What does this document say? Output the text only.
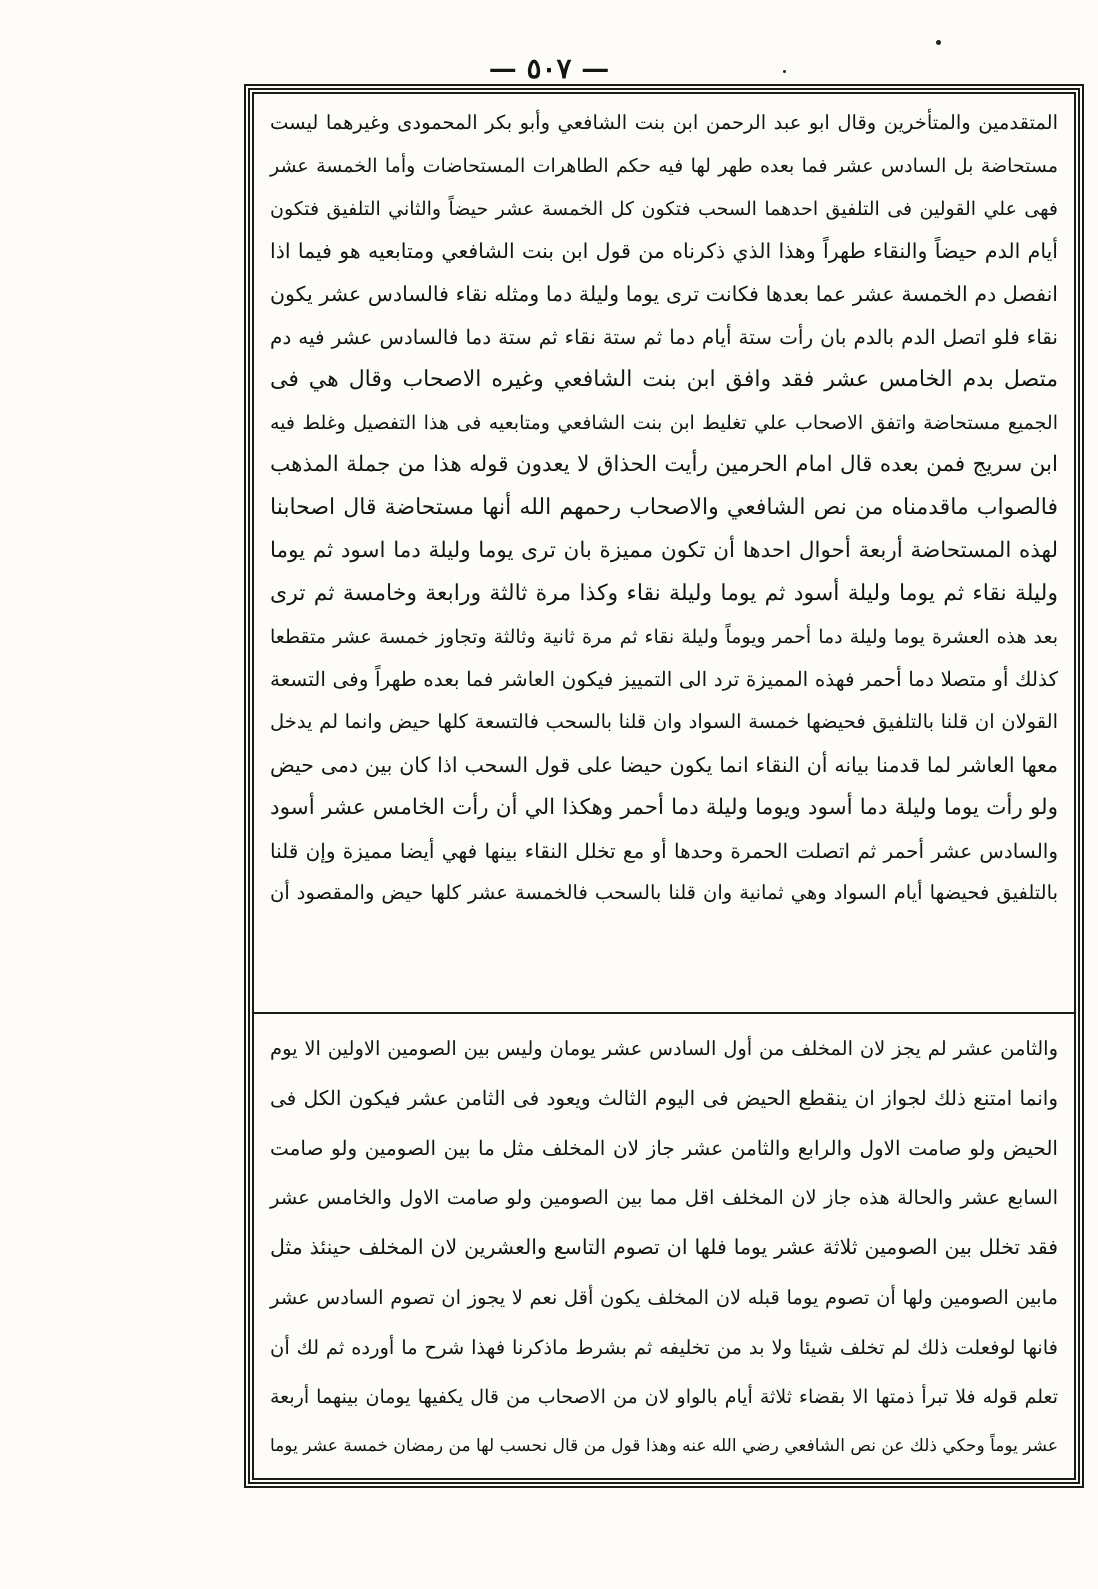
— ٥٠٧ —
المتقدمين والمتأخرين وقال ابو عبد الرحمن ابن بنت الشافعي وأبو بكر المحمودى وغيرهما ليست
مستحاضة بل السادس عشر فما بعده طهر لها فيه حكم الطاهرات المستحاضات وأما الخمسة عشر
فهى علي القولين فى التلفيق احدهما السحب فتكون كل الخمسة عشر حيضاً والثاني التلفيق فتكون
أيام الدم حيضاً والنقاء طهراً وهذا الذي ذكرناه من قول ابن بنت الشافعي ومتابعيه هو فيما اذا
انفصل دم الخمسة عشر عما بعدها فكانت ترى يوما وليلة دما ومثله نقاء فالسادس عشر يكون
نقاء فلو اتصل الدم بالدم بان رأت ستة أيام دما ثم ستة نقاء ثم ستة دما فالسادس عشر فيه دم
متصل بدم الخامس عشر فقد وافق ابن بنت الشافعي وغيره الاصحاب وقال هي فى
الجميع مستحاضة واتفق الاصحاب علي تغليط ابن بنت الشافعي ومتابعيه فى هذا التفصيل وغلط فيه
ابن سريج فمن بعده قال امام الحرمين رأيت الحذاق لا يعدون قوله هذا من جملة المذهب
فالصواب ماقدمناه من نص الشافعي والاصحاب رحمهم الله أنها مستحاضة قال اصحابنا
لهذه المستحاضة أربعة أحوال احدها أن تكون مميزة بان ترى يوما وليلة دما اسود ثم يوما
وليلة نقاء ثم يوما وليلة أسود ثم يوما وليلة نقاء وكذا مرة ثالثة ورابعة وخامسة ثم ترى
بعد هذه العشرة يوما وليلة دما أحمر ويوماً وليلة نقاء ثم مرة ثانية وثالثة وتجاوز خمسة عشر متقطعا
كذلك أو متصلا دما أحمر فهذه المميزة ترد الى التمييز فيكون العاشر فما بعده طهراً وفى التسعة
القولان ان قلنا بالتلفيق فحيضها خمسة السواد وان قلنا بالسحب فالتسعة كلها حيض وانما لم يدخل
معها العاشر لما قدمنا بيانه أن النقاء انما يكون حيضا على قول السحب اذا كان بين دمى حيض
ولو رأت يوما وليلة دما أسود ويوما وليلة دما أحمر وهكذا الي أن رأت الخامس عشر أسود
والسادس عشر أحمر ثم اتصلت الحمرة وحدها أو مع تخلل النقاء بينها فهي أيضا مميزة وإن قلنا
بالتلفيق فحيضها أيام السواد وهي ثمانية وان قلنا بالسحب فالخمسة عشر كلها حيض والمقصود أن
والثامن عشر لم يجز لان المخلف من أول السادس عشر يومان وليس بين الصومين الاولين الا يوم
وانما امتنع ذلك لجواز ان ينقطع الحيض فى اليوم الثالث ويعود فى الثامن عشر فيكون الكل فى
الحيض ولو صامت الاول والرابع والثامن عشر جاز لان المخلف مثل ما بين الصومين ولو صامت
السابع عشر والحالة هذه جاز لان المخلف اقل مما بين الصومين ولو صامت الاول والخامس عشر
فقد تخلل بين الصومين ثلاثة عشر يوما فلها ان تصوم التاسع والعشرين لان المخلف حينئذ مثل
مابين الصومين ولها أن تصوم يوما قبله لان المخلف يكون أقل نعم لا يجوز ان تصوم السادس عشر
فانها لوفعلت ذلك لم تخلف شيئا ولا بد من تخليفه ثم بشرط ماذكرنا فهذا شرح ما أورده ثم لك أن
تعلم قوله فلا تبرأ ذمتها الا بقضاء ثلاثة أيام بالواو لان من الاصحاب من قال يكفيها يومان بينهما أربعة
عشر يوماً وحكي ذلك عن نص الشافعي رضي الله عنه وهذا قول من قال نحسب لها من رمضان خمسة عشر يوما
